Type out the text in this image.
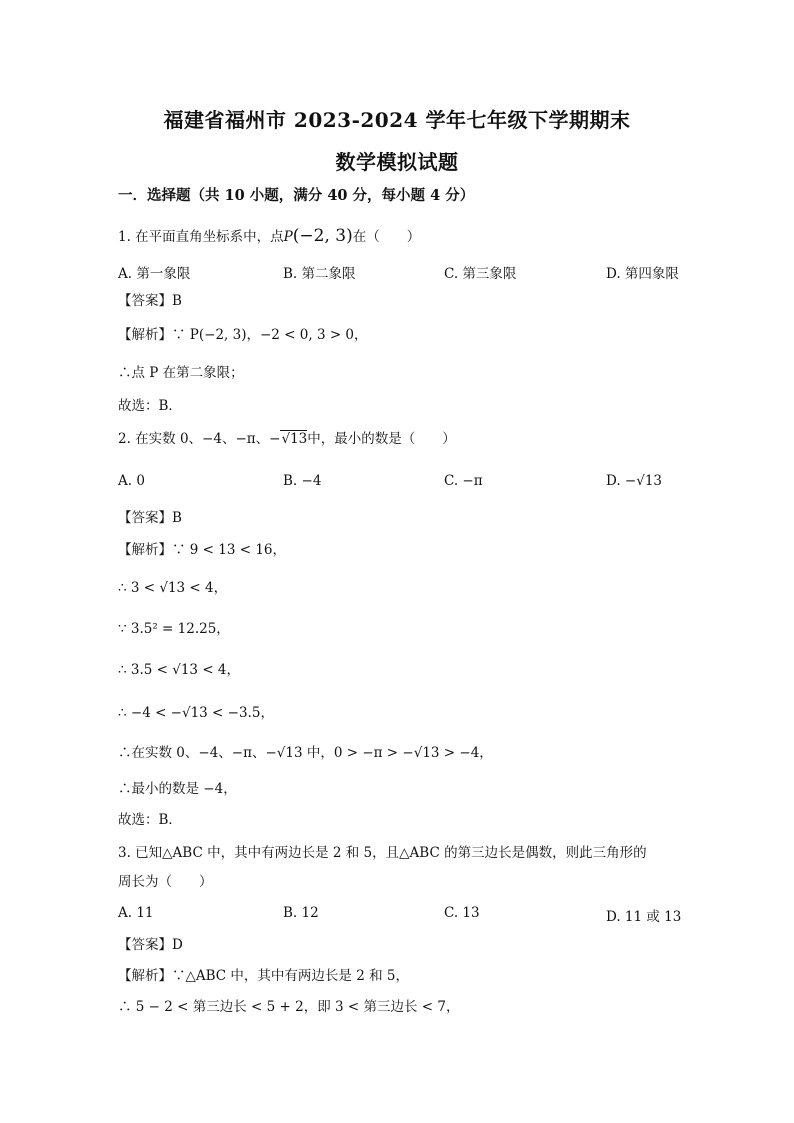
福建省福州市 2023-2024 学年七年级下学期期末
数学模拟试题
一．选择题（共 10 小题，满分 40 分，每小题 4 分）
1. 在平面直角坐标系中，点P(−2, 3)在（　　）
A. 第一象限	B. 第二象限	C. 第三象限	D. 第四象限
【答案】B
【解析】∵ P(−2, 3)，−2 < 0, 3 > 0，
∴点 P 在第二象限；
故选：B．
2. 在实数 0、−4、−π、−√13中，最小的数是（　　）
A. 0	B. −4	C. −π	D. −√13
【答案】B
【解析】∵ 9 < 13 < 16，
∴ 3 < √13 < 4，
∵ 3.5² = 12.25，
∴ 3.5 < √13 < 4，
∴ −4 < −√13 < −3.5，
∴在实数 0、−4、−π、−√13 中，0 > −π > −√13 > −4，
∴最小的数是 −4，
故选：B．
3. 已知△ABC 中，其中有两边长是 2 和 5，且△ABC 的第三边长是偶数，则此三角形的
周长为（　　）
A. 11	B. 12	C. 13	D. 11 或 13
【答案】D
【解析】∵△ABC 中，其中有两边长是 2 和 5，
∴ 5 − 2 < 第三边长 < 5 + 2，即 3 < 第三边长 < 7，
